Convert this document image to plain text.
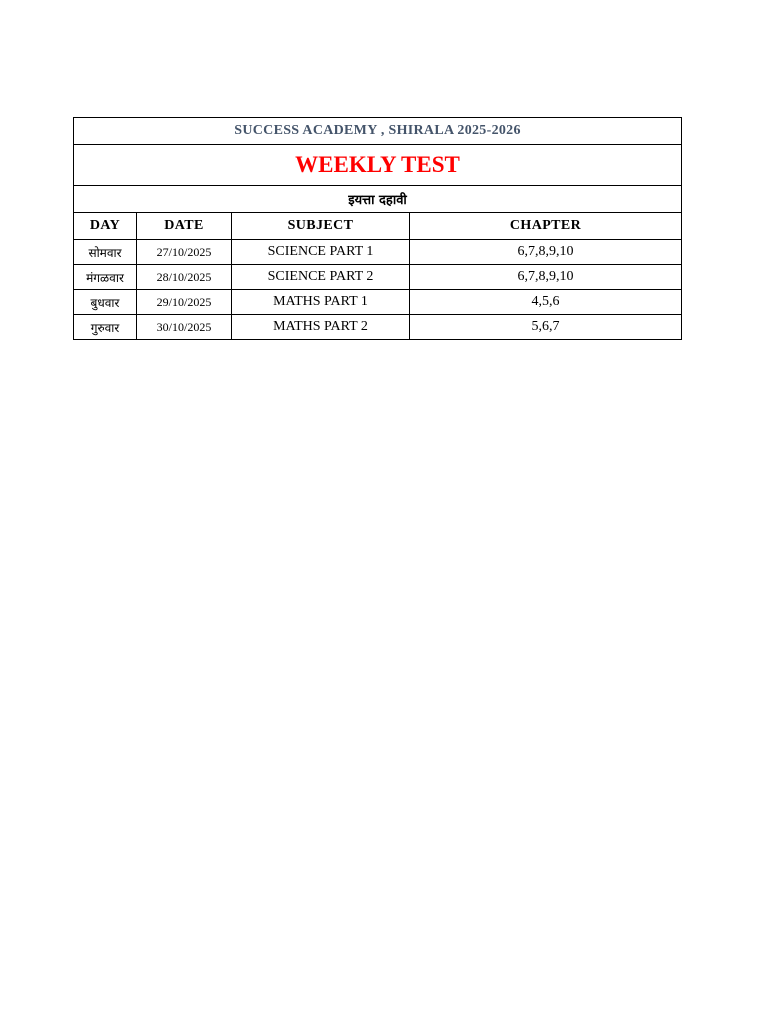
SUCCESS ACADEMY , SHIRALA 2025-2026			
WEEKLY TEST			
इयत्ता दहावी			
DAY	DATE	SUBJECT	CHAPTER
सोमवार	27/10/2025	SCIENCE PART 1	6,7,8,9,10
मंगळवार	28/10/2025	SCIENCE PART 2	6,7,8,9,10
बुधवार	29/10/2025	MATHS PART 1	4,5,6
गुरुवार	30/10/2025	MATHS PART 2	5,6,7
